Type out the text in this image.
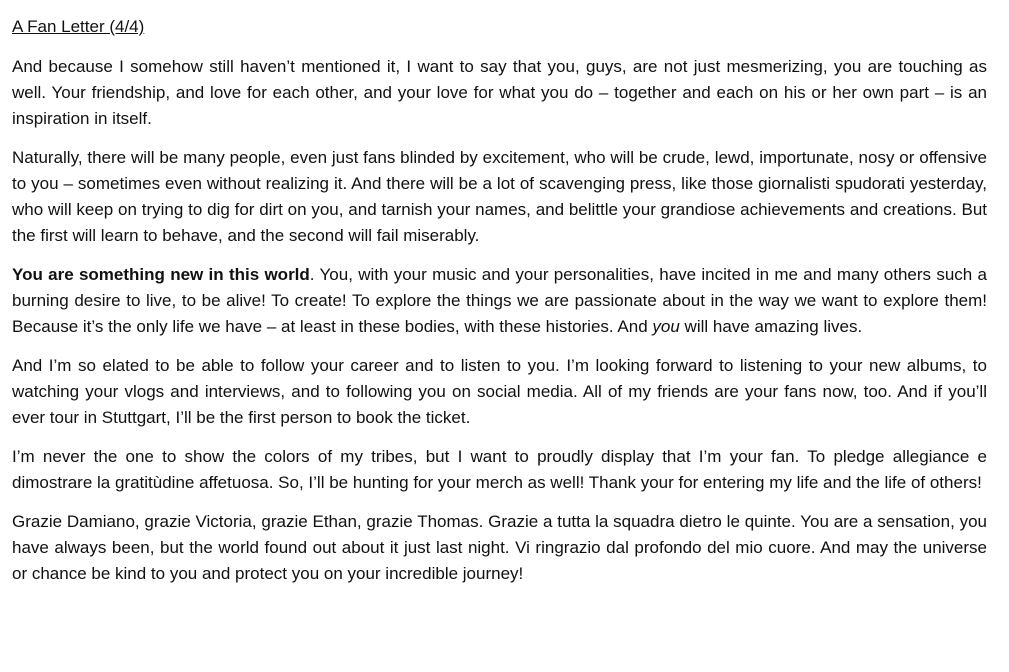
A Fan Letter (4/4)

And because I somehow still haven’t mentioned it, I want to say that you, guys, are not just mesmerizing, you are touching as well. Your friendship, and love for each other, and your love for what you do – together and each on his or her own part – is an inspiration in itself.

Naturally, there will be many people, even just fans blinded by excitement, who will be crude, lewd, importunate, nosy or offensive to you – sometimes even without realizing it. And there will be a lot of scavenging press, like those giornalisti spudorati yesterday, who will keep on trying to dig for dirt on you, and tarnish your names, and belittle your grandiose achievements and creations. But the first will learn to behave, and the second will fail miserably.

You are something new in this world. You, with your music and your personalities, have incited in me and many others such a burning desire to live, to be alive! To create! To explore the things we are passionate about in the way we want to explore them! Because it’s the only life we have – at least in these bodies, with these histories. And you will have amazing lives.

And I’m so elated to be able to follow your career and to listen to you. I’m looking forward to listening to your new albums, to watching your vlogs and interviews, and to following you on social media. All of my friends are your fans now, too. And if you’ll ever tour in Stuttgart, I’ll be the first person to book the ticket.

I’m never the one to show the colors of my tribes, but I want to proudly display that I’m your fan. To pledge allegiance e dimostrare la gratitùdine affetuosa. So, I’ll be hunting for your merch as well! Thank your for entering my life and the life of others!

Grazie Damiano, grazie Victoria, grazie Ethan, grazie Thomas. Grazie a tutta la squadra dietro le quinte. You are a sensation, you have always been, but the world found out about it just last night. Vi ringrazio dal profondo del mio cuore. And may the universe or chance be kind to you and protect you on your incredible journey!
